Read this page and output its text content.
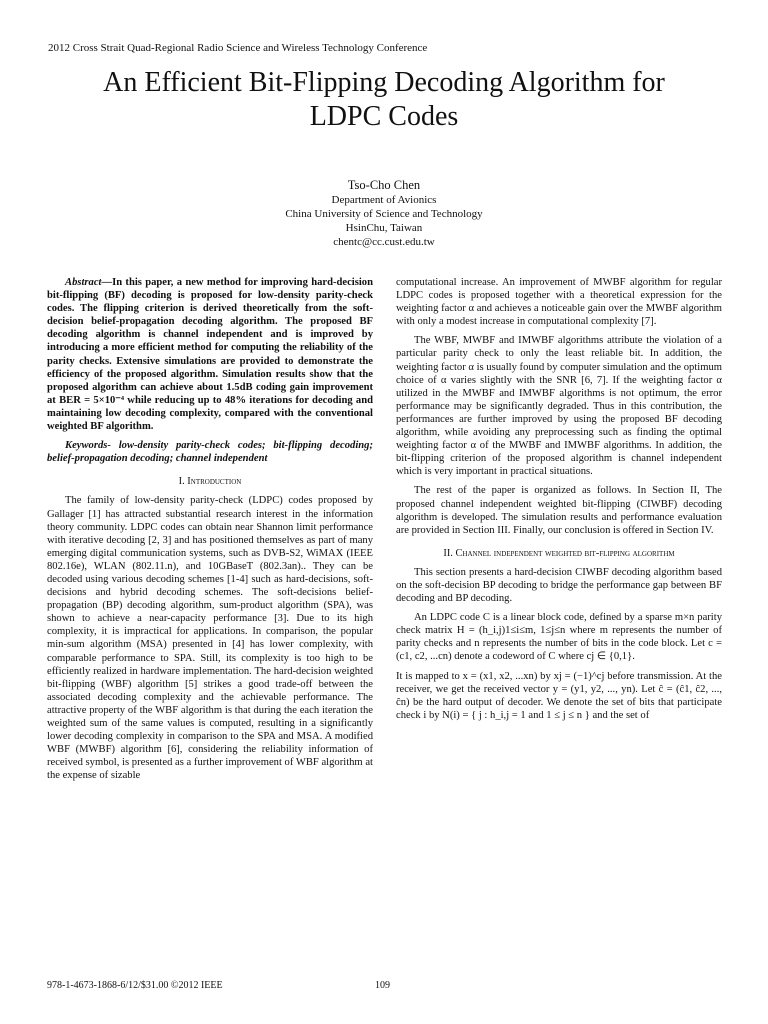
2012 Cross Strait Quad-Regional Radio Science and Wireless Technology Conference
An Efficient Bit-Flipping Decoding Algorithm for
LDPC Codes
Tso-Cho Chen
Department of Avionics
China University of Science and Technology
HsinChu, Taiwan
chentc@cc.cust.edu.tw

Abstract—In this paper, a new method for improving hard-decision bit-flipping (BF) decoding is proposed for low-density parity-check codes. The flipping criterion is derived theoretically from the soft-decision belief-propagation decoding algorithm. The proposed BF decoding algorithm is channel independent and is improved by introducing a more efficient method for computing the reliability of the parity checks. Extensive simulations are provided to demonstrate the efficiency of the proposed algorithm. Simulation results show that the proposed algorithm can achieve about 1.5dB coding gain improvement at BER = 5×10⁻⁴ while reducing up to 48% iterations for decoding and maintaining low decoding complexity, compared with the conventional weighted BF algorithm.

Keywords- low-density parity-check codes; bit-flipping decoding; belief-propagation decoding; channel independent

I. Introduction

The family of low-density parity-check (LDPC) codes proposed by Gallager [1] has attracted substantial research interest in the information theory community. LDPC codes can obtain near Shannon limit performance with iterative decoding [2, 3] and has positioned themselves as part of many emerging digital communication systems, such as DVB-S2, WiMAX (IEEE 802.16e), WLAN (802.11.n), and 10GBaseT (802.3an).. They can be decoded using various decoding schemes [1-4] such as hard-decisions, soft-decisions and hybrid decoding schemes. The soft-decisions belief-propagation (BP) decoding algorithm, sum-product algorithm (SPA), was shown to achieve a near-capacity performance [3]. Due to its high complexity, it is impractical for applications. In comparison, the popular min-sum algorithm (MSA) presented in [4] has lower complexity, with comparable performance to SPA. Still, its complexity is too high to be efficiently realized in hardware implementation. The hard-decision weighted bit-flipping (WBF) algorithm [5] strikes a good trade-off between the associated decoding complexity and the achievable performance. The attractive property of the WBF algorithm is that during the each iteration the weighted sum of the same values is computed, resulting in a significantly lower decoding complexity in comparison to the SPA and MSA. A modified WBF (MWBF) algorithm [6], considering the reliability information of received symbol, is presented as a further improvement of WBF algorithm at the expense of sizable

computational increase. An improvement of MWBF algorithm for regular LDPC codes is proposed together with a theoretical expression for the weighting factor α and achieves a noticeable gain over the MWBF algorithm with only a modest increase in computational complexity [7].

The WBF, MWBF and IMWBF algorithms attribute the violation of a particular parity check to only the least reliable bit. In addition, the weighting factor α is usually found by computer simulation and the optimum choice of α varies slightly with the SNR [6, 7]. If the weighting factor α utilized in the MWBF and IMWBF algorithms is not optimum, the error performance may be significantly degraded. Thus in this contribution, the performances are further improved by using the proposed BF decoding algorithm, while avoiding any preprocessing such as finding the optimal weighting factor α of the MWBF and IMWBF algorithms. In addition, the bit-flipping criterion of the proposed algorithm is channel independent which is very important in practical situations.

The rest of the paper is organized as follows. In Section II, The proposed channel independent weighted bit-flipping (CIWBF) decoding algorithm is developed. The simulation results and performance evaluation are provided in Section III. Finally, our conclusion is offered in Section IV.

II. Channel independent weighted bit-flipping algorithm

This section presents a hard-decision CIWBF decoding algorithm based on the soft-decision BP decoding to bridge the performance gap between BF decoding and BP decoding.

An LDPC code C is a linear block code, defined by a sparse m×n parity check matrix H = (h_i,j)1≤i≤m, 1≤j≤n where m represents the number of parity checks and n represents the number of bits in the code block. Let c = (c1, c2, ...cn) denote a codeword of C where cj ∈ {0,1}.

It is mapped to x = (x1, x2, ...xn) by xj = (−1)^cj before transmission. At the receiver, we get the received vector y = (y1, y2, ..., yn). Let ĉ = (ĉ1, ĉ2, ..., ĉn) be the hard output of decoder. We denote the set of bits that participate check i by N(i) = { j : h_i,j = 1 and 1 ≤ j ≤ n } and the set of

978-1-4673-1868-6/12/$31.00 ©2012 IEEE	109
